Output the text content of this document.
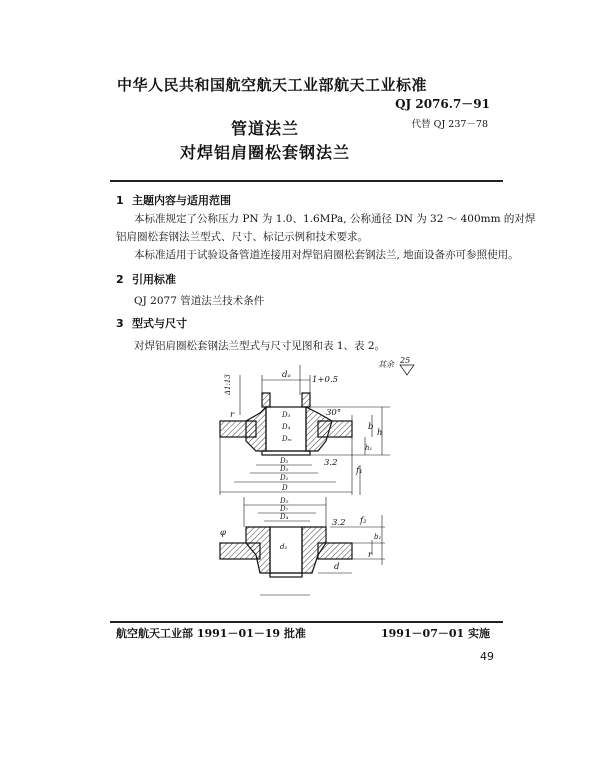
中华人民共和国航空航天工业部航天工业标准
QJ 2076.7－91
代替 QJ 237－78
管道法兰
对焊铝肩圈松套钢法兰
1 主题内容与适用范围
本标准规定了公称压力 PN 为 1.0、1.6MPa, 公称通径 DN 为 32 ～ 400mm 的对焊
铝肩圈松套钢法兰型式、尺寸、标记示例和技术要求。
本标准适用于试验设备管道连接用对焊铝肩圈松套钢法兰, 地面设备亦可参照使用。
2 引用标准
QJ 2077 管道法兰技术条件
3 型式与尺寸
对焊铝肩圈松套钢法兰型式与尺寸见图和表 1、表 2。
dₐ	1+0.5
Δ1:13
r	D₃
D₄
Dₘ
30°
b
h
h₁
3.2
f₁
D₂
D₅
D₁
D
D₅
D₇
D₄	f₂
3.2
b₁
d₂
r
d
φ
其余 25
航空航天工业部 1991－01－19 批准	1991－07－01 实施
49
